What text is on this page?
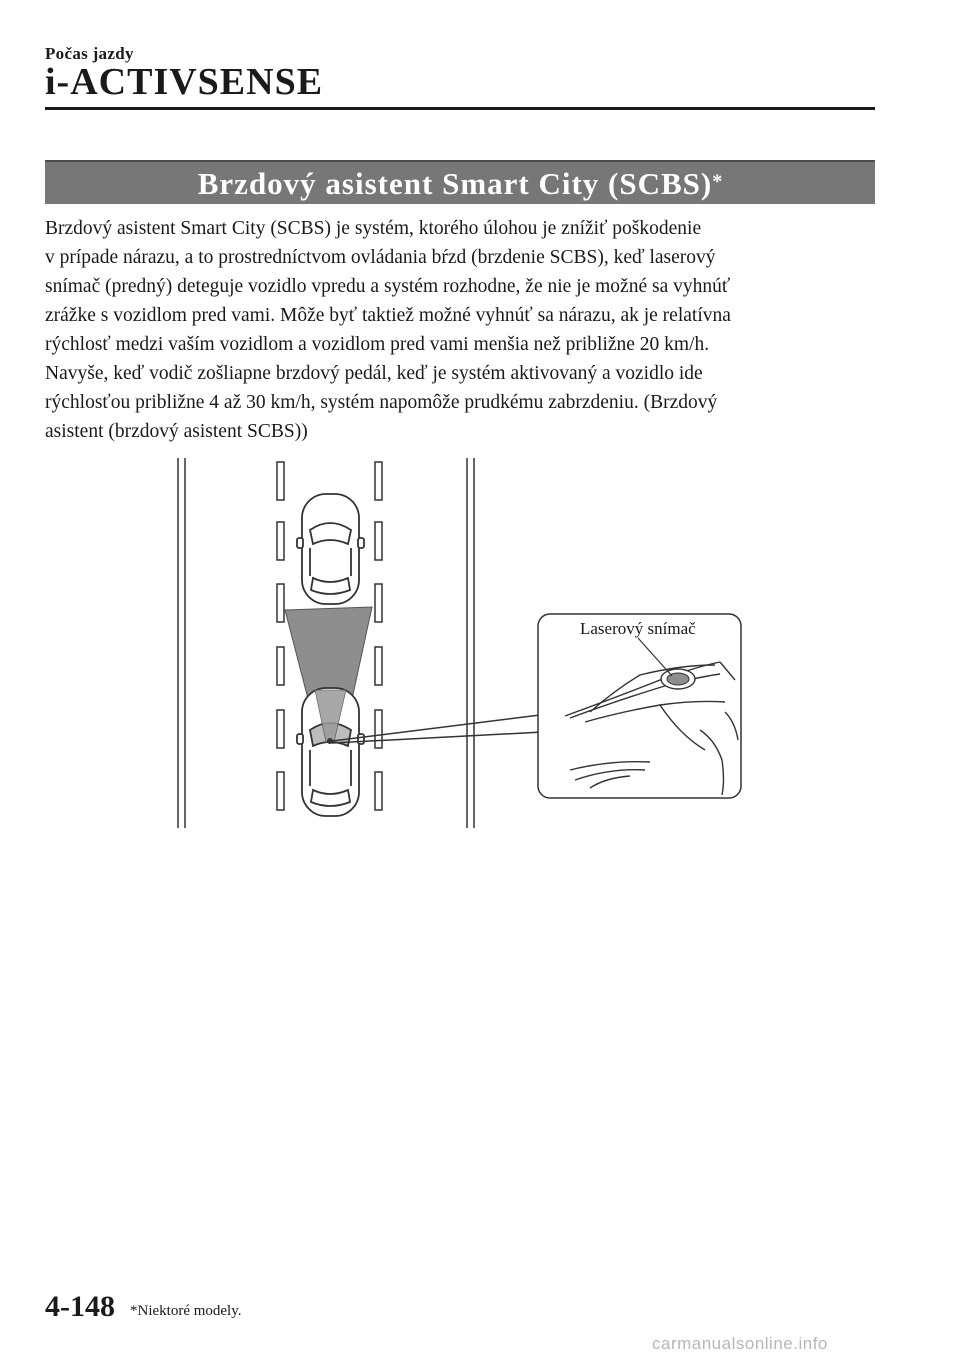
Počas jazdy
i-ACTIVSENSE
Brzdový asistent Smart City (SCBS)*
Brzdový asistent Smart City (SCBS) je systém, ktorého úlohou je znížiť poškodenie
v prípade nárazu, a to prostredníctvom ovládania bŕzd (brzdenie SCBS), keď laserový
snímač (predný) deteguje vozidlo vpredu a systém rozhodne, že nie je možné sa vyhnúť
zrážke s vozidlom pred vami. Môže byť taktiež možné vyhnúť sa nárazu, ak je relatívna
rýchlosť medzi vaším vozidlom a vozidlom pred vami menšia než približne 20 km/h.
Navyše, keď vodič zošliapne brzdový pedál, keď je systém aktivovaný a vozidlo ide
rýchlosťou približne 4 až 30 km/h, systém napomôže prudkému zabrzdeniu. (Brzdový
asistent (brzdový asistent SCBS))
Laserový snímač
4-148 *Niektoré modely.
carmanualsonline.info
